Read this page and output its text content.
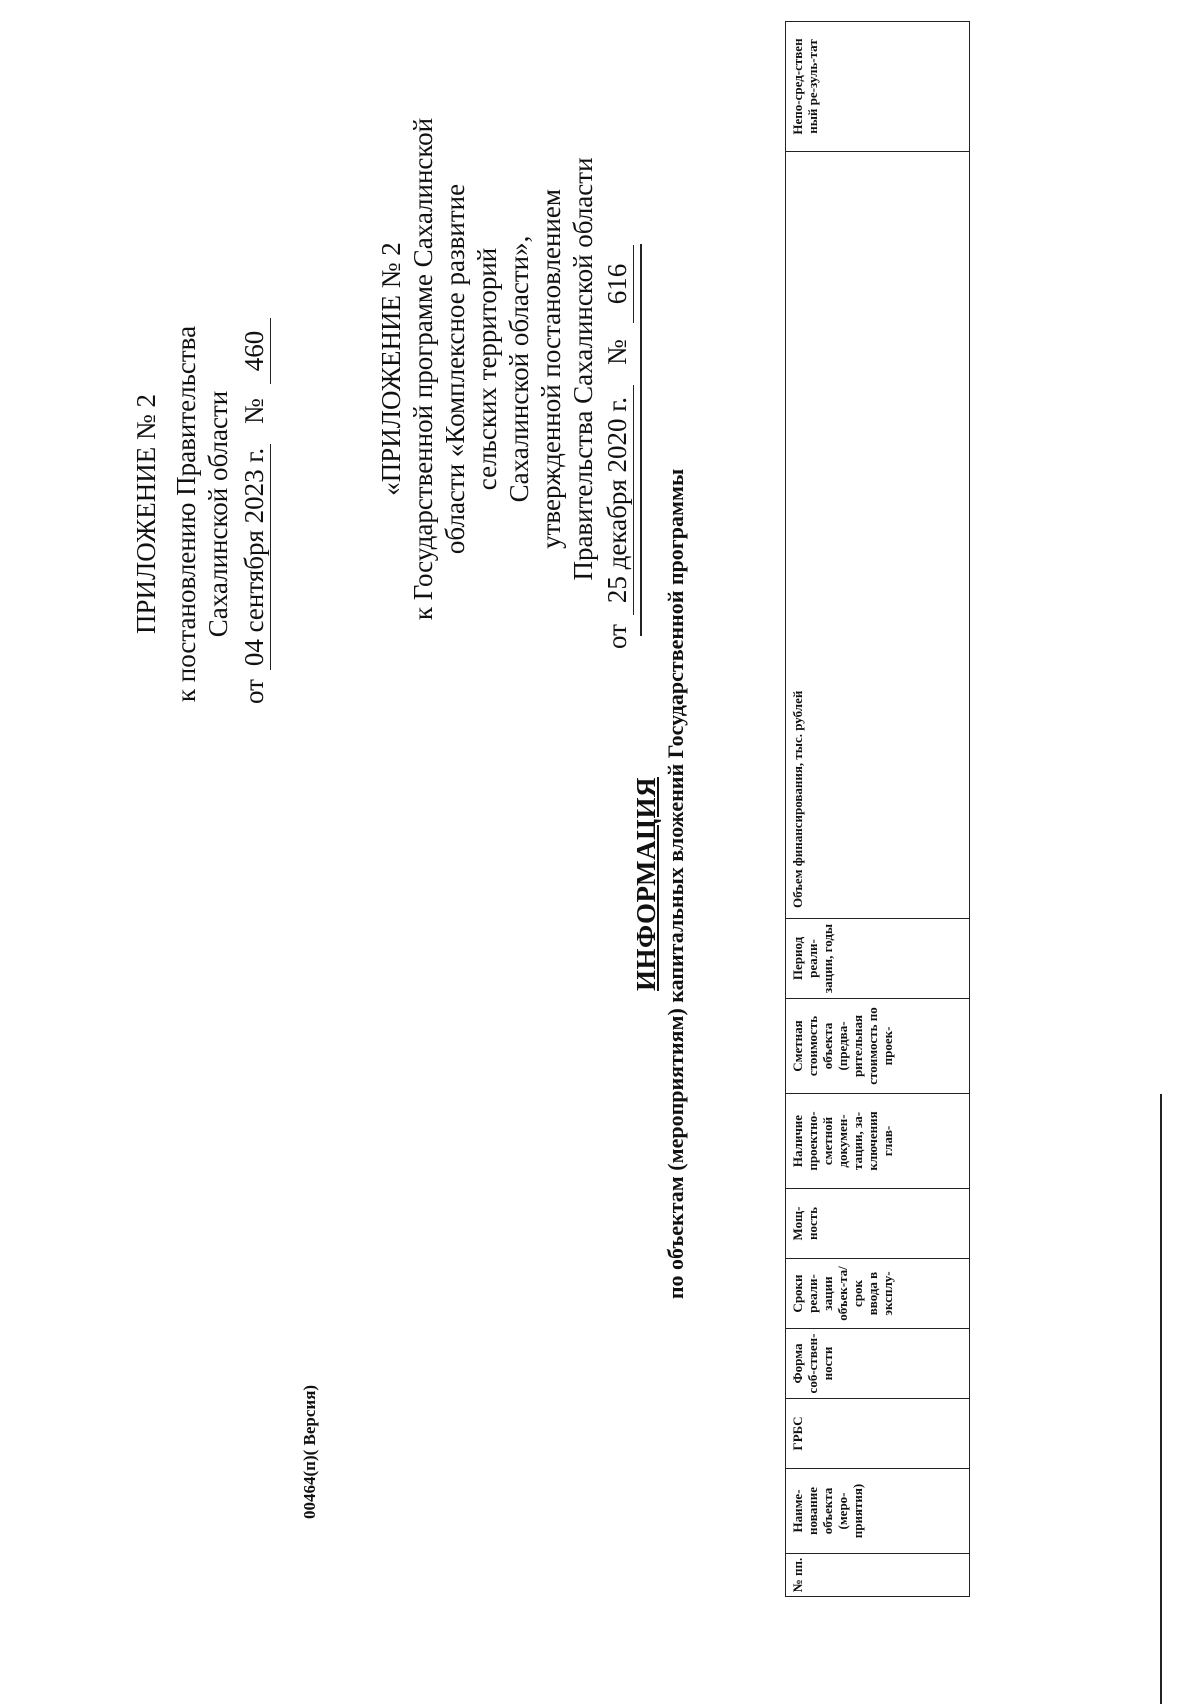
ПРИЛОЖЕНИЕ № 2 к постановлению Правительства Сахалинской области
от
04 сентября 2023 г.
№
460	«ПРИЛОЖЕНИЕ № 2 к Государственной программе Сахалинской области «Комплексное развитие сельских территорий Сахалинской области», утвержденной постановлением Правительства Сахалинской области
от
25 декабря 2020 г.
№
616
ИНФОРМАЦИЯ по объектам (мероприятиям) капитальных вложений Государственной программы
№ пп.	Наиме-нование объекта (меро-приятия)	ГРБС	Форма соб-ствен-ности	Сроки реали-зации объек-та/срок ввода в эксплу-	Мощ-ность	Наличие проектно-сметной докумен-тации, за-ключения глав-	Сметная стоимость объекта (предва-рительная стоимость по проек-	Период реали-зации, годы	Объем финансирования, тыс. рублей	Непо-сред-ствен ный ре-зуль-тат
00464(п)( Версия)
